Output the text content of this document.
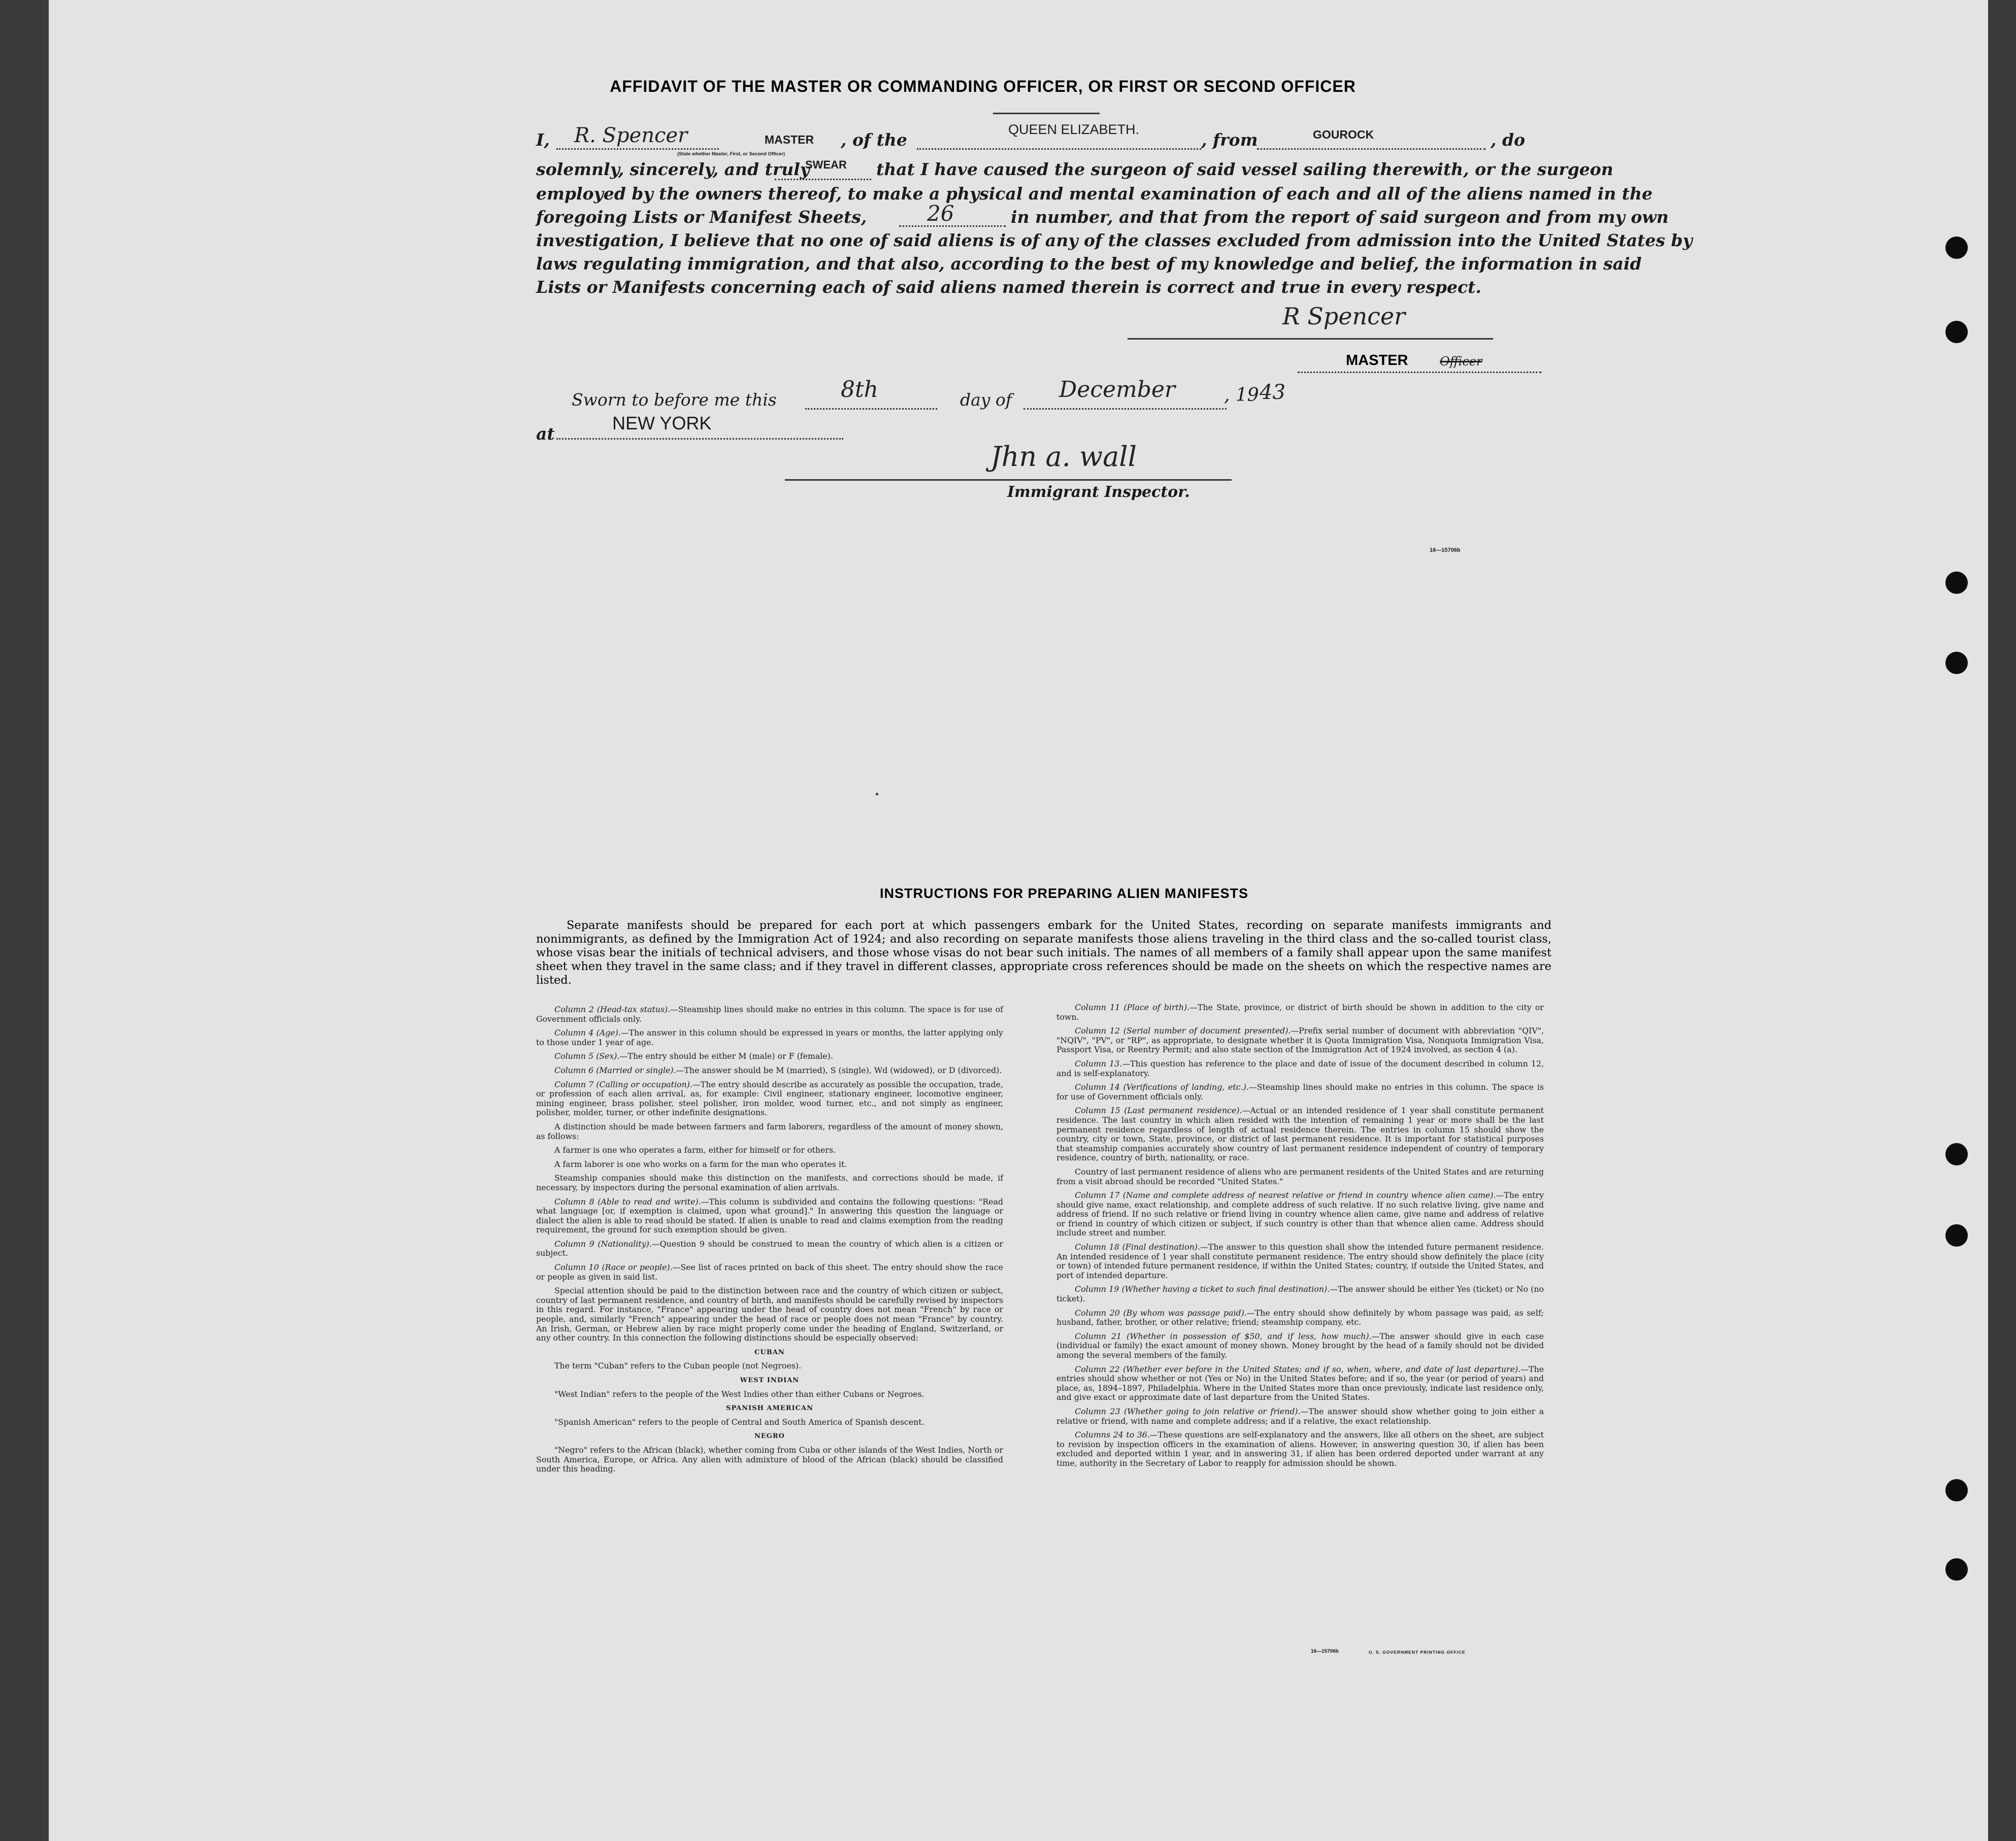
AFFIDAVIT OF THE MASTER OR COMMANDING OFFICER, OR FIRST OR SECOND OFFICER
I, R. Spencer	MASTER
(State whether Master, First, or Second Officer)
, of the
QUEEN ELIZABETH.
, from	GOUROCK	, do
solemnly, sincerely, and truly
SWEAR that I have caused the surgeon of said vessel sailing therewith, or the surgeon
employed by the owners thereof, to make a physical and mental examination of each and all of the aliens named in the
foregoing Lists or Manifest Sheets,	26	in number, and that from the report of said surgeon and from my own
investigation, I believe that no one of said aliens is of any of the classes excluded from admission into the United States by
laws regulating immigration, and that also, according to the best of my knowledge and belief, the information in said
Lists or Manifests concerning each of said aliens named therein is correct and true in every respect.
R Spencer
MASTER	Officer
Sworn to before me this	8th	day of December	, 19 43
at
NEW YORK
Jhn a. wall
Immigrant Inspector.
16—15706b
INSTRUCTIONS FOR PREPARING ALIEN MANIFESTS
Separate manifests should be prepared for each port at which passengers embark for the United States, recording on separate manifests immigrants and nonimmigrants, as defined by the Immigration Act of 1924; and also recording on separate manifests those aliens traveling in the third class and the so-called tourist class, whose visas bear the initials of technical advisers, and those whose visas do not bear such initials. The names of all members of a family shall appear upon the same manifest sheet when they travel in the same class; and if they travel in different classes, appropriate cross references should be made on the sheets on which the respective names are listed.

Column 2 (Head-tax status).—Steamship lines should make no entries in this column. The space is for use of Government officials only.

Column 4 (Age).—The answer in this column should be expressed in years or months, the latter applying only to those under 1 year of age.

Column 5 (Sex).—The entry should be either M (male) or F (female).

Column 6 (Married or single).—The answer should be M (married), S (single), Wd (widowed), or D (divorced).

Column 7 (Calling or occupation).—The entry should describe as accurately as possible the occupation, trade, or profession of each alien arrival, as, for example: Civil engineer, stationary engineer, locomotive engineer, mining engineer, brass polisher, steel polisher, iron molder, wood turner, etc., and not simply as engineer, polisher, molder, turner, or other indefinite designations.

A distinction should be made between farmers and farm laborers, regardless of the amount of money shown, as follows:

A farmer is one who operates a farm, either for himself or for others.

A farm laborer is one who works on a farm for the man who operates it.

Steamship companies should make this distinction on the manifests, and corrections should be made, if necessary, by inspectors during the personal examination of alien arrivals.

Column 8 (Able to read and write).—This column is subdivided and contains the following questions: "Read what language [or, if exemption is claimed, upon what ground]." In answering this question the language or dialect the alien is able to read should be stated. If alien is unable to read and claims exemption from the reading requirement, the ground for such exemption should be given.

Column 9 (Nationality).—Question 9 should be construed to mean the country of which alien is a citizen or subject.

Column 10 (Race or people).—See list of races printed on back of this sheet. The entry should show the race or people as given in said list.

Special attention should be paid to the distinction between race and the country of which citizen or subject, country of last permanent residence, and country of birth, and manifests should be carefully revised by inspectors in this regard. For instance, "France" appearing under the head of country does not mean "French" by race or people, and, similarly "French" appearing under the head of race or people does not mean "France" by country. An Irish, German, or Hebrew alien by race might properly come under the heading of England, Switzerland, or any other country. In this connection the following distinctions should be especially observed:

CUBAN

The term "Cuban" refers to the Cuban people (not Negroes).

WEST INDIAN

"West Indian" refers to the people of the West Indies other than either Cubans or Negroes.

SPANISH AMERICAN

"Spanish American" refers to the people of Central and South America of Spanish descent.

NEGRO

"Negro" refers to the African (black), whether coming from Cuba or other islands of the West Indies, North or South America, Europe, or Africa. Any alien with admixture of blood of the African (black) should be classified under this heading.

Column 11 (Place of birth).—The State, province, or district of birth should be shown in addition to the city or town.

Column 12 (Serial number of document presented).—Prefix serial number of document with abbreviation "QIV", "NQIV", "PV", or "RP", as appropriate, to designate whether it is Quota Immigration Visa, Nonquota Immigration Visa, Passport Visa, or Reentry Permit; and also state section of the Immigration Act of 1924 involved, as section 4 (a).

Column 13.—This question has reference to the place and date of issue of the document described in column 12, and is self-explanatory.

Column 14 (Verifications of landing, etc.).—Steamship lines should make no entries in this column. The space is for use of Government officials only.

Column 15 (Last permanent residence).—Actual or an intended residence of 1 year shall constitute permanent residence. The last country in which alien resided with the intention of remaining 1 year or more shall be the last permanent residence regardless of length of actual residence therein. The entries in column 15 should show the country, city or town, State, province, or district of last permanent residence. It is important for statistical purposes that steamship companies accurately show country of last permanent residence independent of country of temporary residence, country of birth, nationality, or race.

Country of last permanent residence of aliens who are permanent residents of the United States and are returning from a visit abroad should be recorded "United States."

Column 17 (Name and complete address of nearest relative or friend in country whence alien came).—The entry should give name, exact relationship, and complete address of such relative. If no such relative living, give name and address of friend. If no such relative or friend living in country whence alien came, give name and address of relative or friend in country of which citizen or subject, if such country is other than that whence alien came. Address should include street and number.

Column 18 (Final destination).—The answer to this question shall show the intended future permanent residence. An intended residence of 1 year shall constitute permanent residence. The entry should show definitely the place (city or town) of intended future permanent residence, if within the United States; country, if outside the United States, and port of intended departure.

Column 19 (Whether having a ticket to such final destination).—The answer should be either Yes (ticket) or No (no ticket).

Column 20 (By whom was passage paid).—The entry should show definitely by whom passage was paid, as self; husband, father, brother, or other relative; friend; steamship company, etc.

Column 21 (Whether in possession of $50, and if less, how much).—The answer should give in each case (individual or family) the exact amount of money shown. Money brought by the head of a family should not be divided among the several members of the family.

Column 22 (Whether ever before in the United States; and if so, when, where, and date of last departure).—The entries should show whether or not (Yes or No) in the United States before; and if so, the year (or period of years) and place, as, 1894–1897, Philadelphia. Where in the United States more than once previously, indicate last residence only, and give exact or approximate date of last departure from the United States.

Column 23 (Whether going to join relative or friend).—The answer should show whether going to join either a relative or friend, with name and complete address; and if a relative, the exact relationship.

Columns 24 to 36.—These questions are self-explanatory and the answers, like all others on the sheet, are subject to revision by inspection officers in the examination of aliens. However, in answering question 30, if alien has been excluded and deported within 1 year, and in answering 31, if alien has been ordered deported under warrant at any time, authority in the Secretary of Labor to reapply for admission should be shown.

16—15706b	U. S. GOVERNMENT PRINTING OFFICE
